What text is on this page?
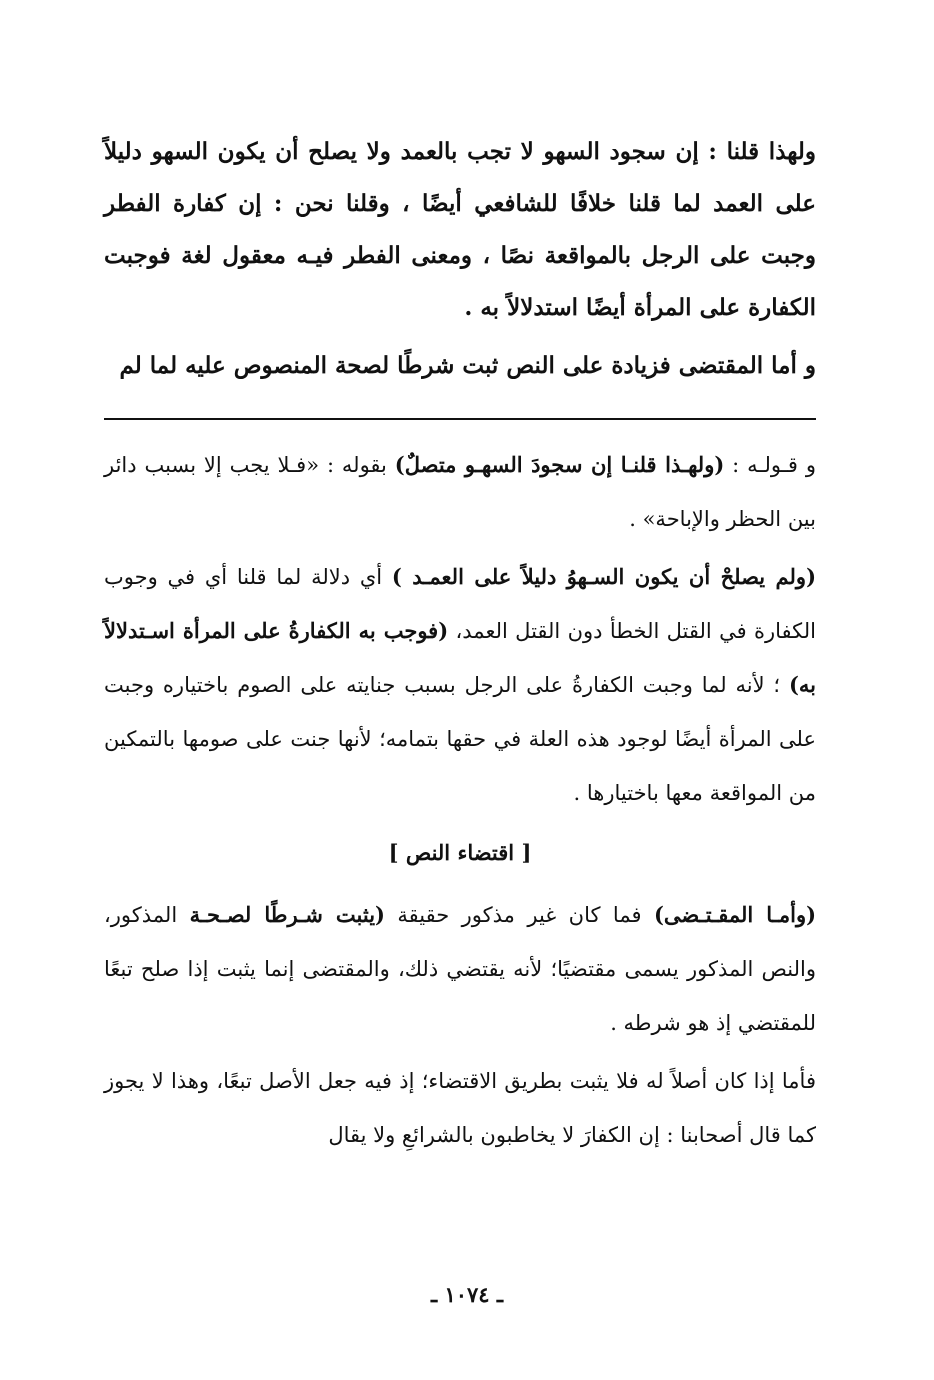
ولهذا قلنا : إن سجود السهو لا تجب بالعمد ولا يصلح أن يكون السهو دليلاً على العمد لما قلنا خلافًا للشافعي أيضًا ، وقلنا نحن : إن كفارة الفطر وجبت على الرجل بالمواقعة نصًا ، ومعنى الفطر فيـه معقول لغة فوجبت الكفارة على المرأة أيضًا استدلالاً به .

و أما المقتضى فزيادة على النص ثبت شرطًا لصحة المنصوص عليه لما لم

و قـولـه : (ولهـذا قلنـا إن سجودَ السهـو متصلٌ) بقوله : «فـلا يجب إلا بسبب دائر بين الحظر والإباحة» .

(ولم يصلحْ أن يكون السـهوُ دليلاً على العمـد ) أي دلالة لما قلنا أي في وجوب الكفارة في القتل الخطأ دون القتل العمد، (فوجب به الكفارةُ على المرأة اسـتدلالاً به) ؛ لأنه لما وجبت الكفارةُ على الرجل بسبب جنايته على الصوم باختياره وجبت على المرأة أيضًا لوجود هذه العلة في حقها بتمامه؛ لأنها جنت على صومها بالتمكين من المواقعة معها باختيارها .

[ اقتضاء النص ]

(وأمـا المقـتـضى) فما كان غير مذكور حقيقة (يثبت شـرطًا لصـحـة المذكور، والنص المذكور يسمى مقتضيًا؛ لأنه يقتضي ذلك، والمقتضى إنما يثبت إذا صلح تبعًا للمقتضي إذ هو شرطه .

فأما إذا كان أصلاً له فلا يثبت بطريق الاقتضاء؛ إذ فيه جعل الأصل تبعًا، وهذا لا يجوز كما قال أصحابنا : إن الكفارَ لا يخاطبون بالشرائعِ ولا يقال

ـ ١٠٧٤ ـ
